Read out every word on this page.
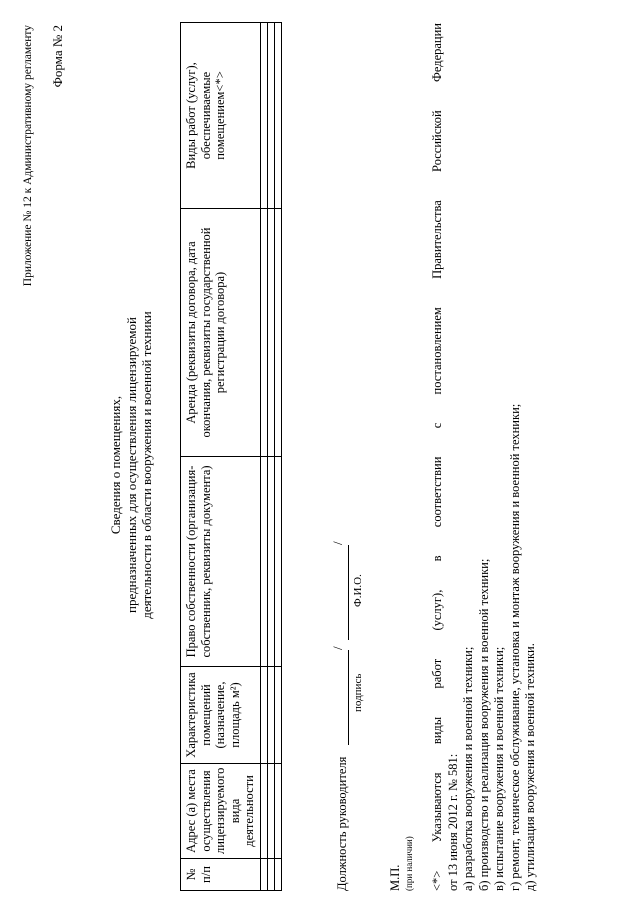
Приложение № 12 к Административному регламенту Форма № 2
Сведения о помещениях, предназначенных для осуществления лицензируемой деятельности в области вооружения и военной техники
№ п/п	Адрес (а) места осуществления лицензируемого вида деятельности	Характеристика помещений (назначение, площадь м²)	Право собственности (организация-собственник, реквизиты документа)	Аренда (реквизиты договора, дата окончания, реквизиты государственной регистрации договора)	Виды работ (услуг), обеспечиваемые помещением<*>

Должность руководителя
/
/
подпись
Ф.И.О.
М.П. (при наличии) <*> Указываются виды работ (услуг), в соответствии с постановлением Правительства Российской Федерации от 13 июня 2012 г. № 581: а) разработка вооружения и военной техники; б) производство и реализация вооружения и военной техники; в) испытание вооружения и военной техники; г) ремонт, техническое обслуживание, установка и монтаж вооружения и военной техники; д) утилизация вооружения и военной техники.
